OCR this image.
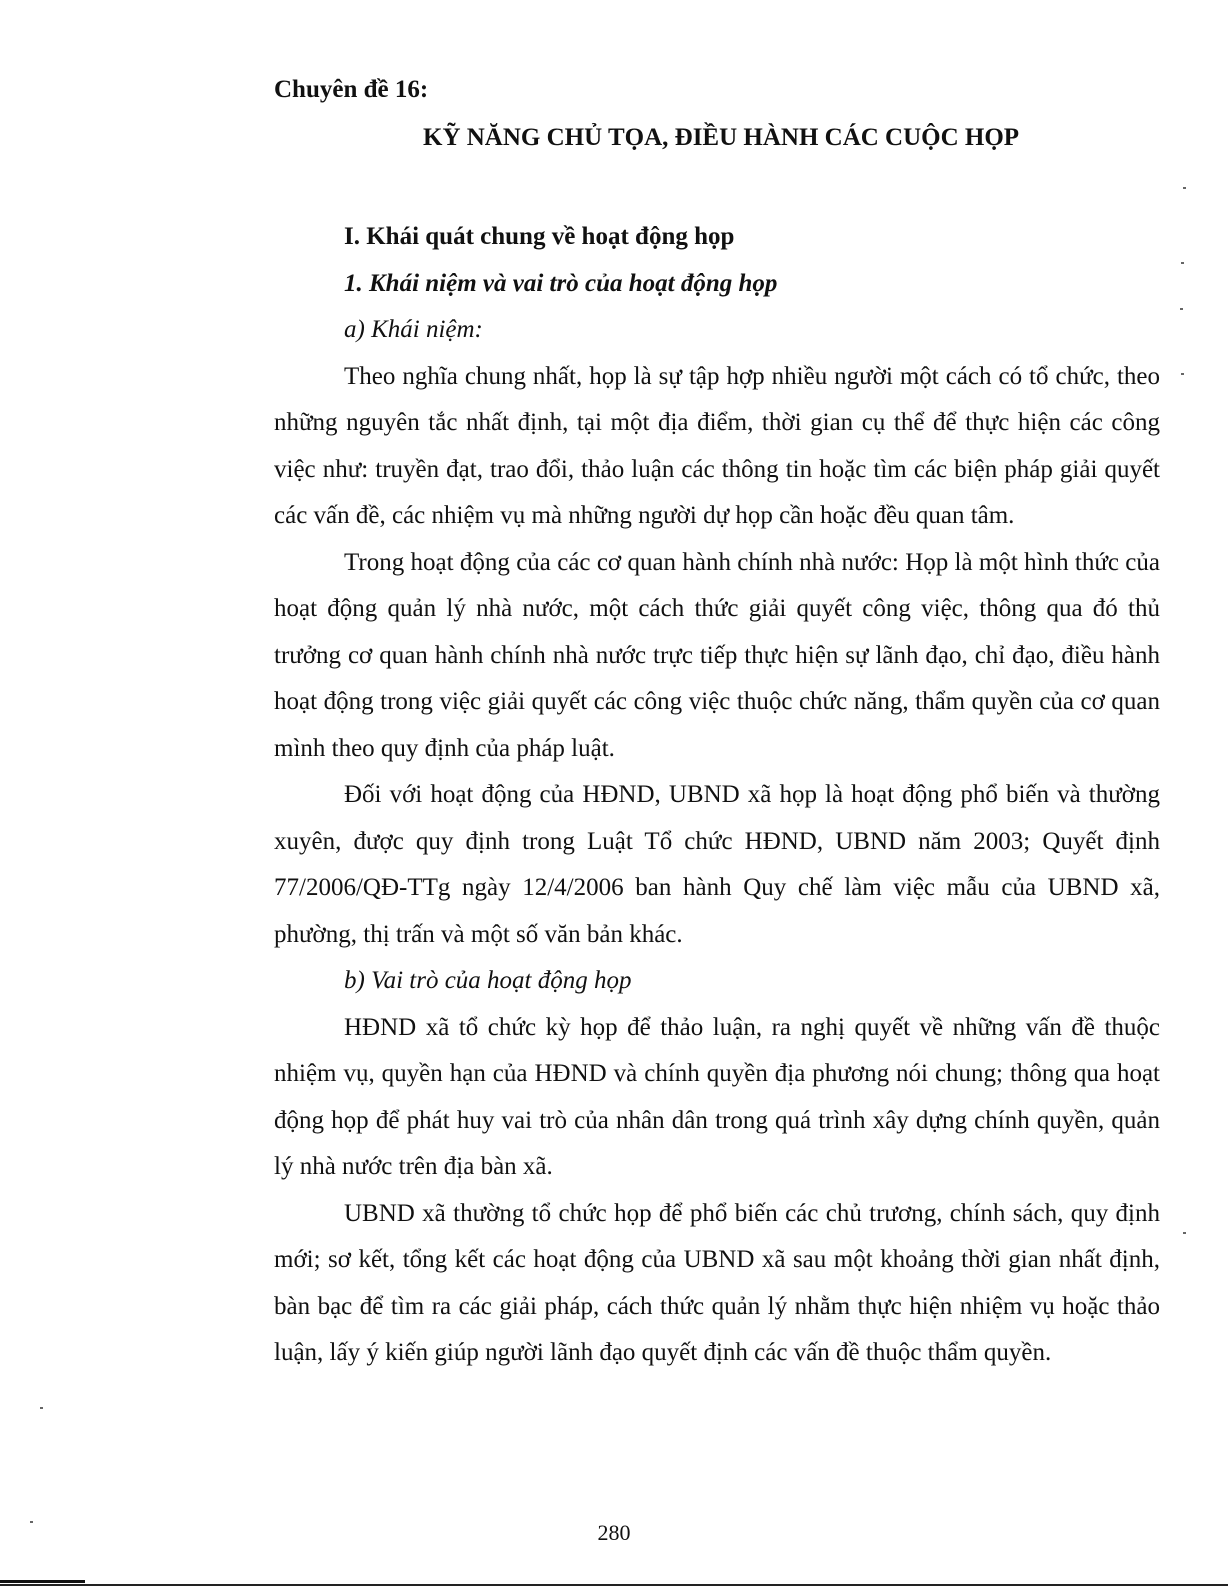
Chuyên đề 16:
KỸ NĂNG CHỦ TỌA, ĐIỀU HÀNH CÁC CUỘC HỌP

I. Khái quát chung về hoạt động họp

1. Khái niệm và vai trò của hoạt động họp

a) Khái niệm:

Theo nghĩa chung nhất, họp là sự tập hợp nhiều người một cách có tổ chức, theo những nguyên tắc nhất định, tại một địa điểm, thời gian cụ thể để thực hiện các công việc như: truyền đạt, trao đổi, thảo luận các thông tin hoặc tìm các biện pháp giải quyết các vấn đề, các nhiệm vụ mà những người dự họp cần hoặc đều quan tâm.

Trong hoạt động của các cơ quan hành chính nhà nước: Họp là một hình thức của hoạt động quản lý nhà nước, một cách thức giải quyết công việc, thông qua đó thủ trưởng cơ quan hành chính nhà nước trực tiếp thực hiện sự lãnh đạo, chỉ đạo, điều hành hoạt động trong việc giải quyết các công việc thuộc chức năng, thẩm quyền của cơ quan mình theo quy định của pháp luật.

Đối với hoạt động của HĐND, UBND xã họp là hoạt động phổ biến và thường xuyên, được quy định trong Luật Tổ chức HĐND, UBND năm 2003; Quyết định 77/2006/QĐ-TTg ngày 12/4/2006 ban hành Quy chế làm việc mẫu của UBND xã, phường, thị trấn và một số văn bản khác.

b) Vai trò của hoạt động họp

HĐND xã tổ chức kỳ họp để thảo luận, ra nghị quyết về những vấn đề thuộc nhiệm vụ, quyền hạn của HĐND và chính quyền địa phương nói chung; thông qua hoạt động họp để phát huy vai trò của nhân dân trong quá trình xây dựng chính quyền, quản lý nhà nước trên địa bàn xã.

UBND xã thường tổ chức họp để phổ biến các chủ trương, chính sách, quy định mới; sơ kết, tổng kết các hoạt động của UBND xã sau một khoảng thời gian nhất định, bàn bạc để tìm ra các giải pháp, cách thức quản lý nhằm thực hiện nhiệm vụ hoặc thảo luận, lấy ý kiến giúp người lãnh đạo quyết định các vấn đề thuộc thẩm quyền.

280
